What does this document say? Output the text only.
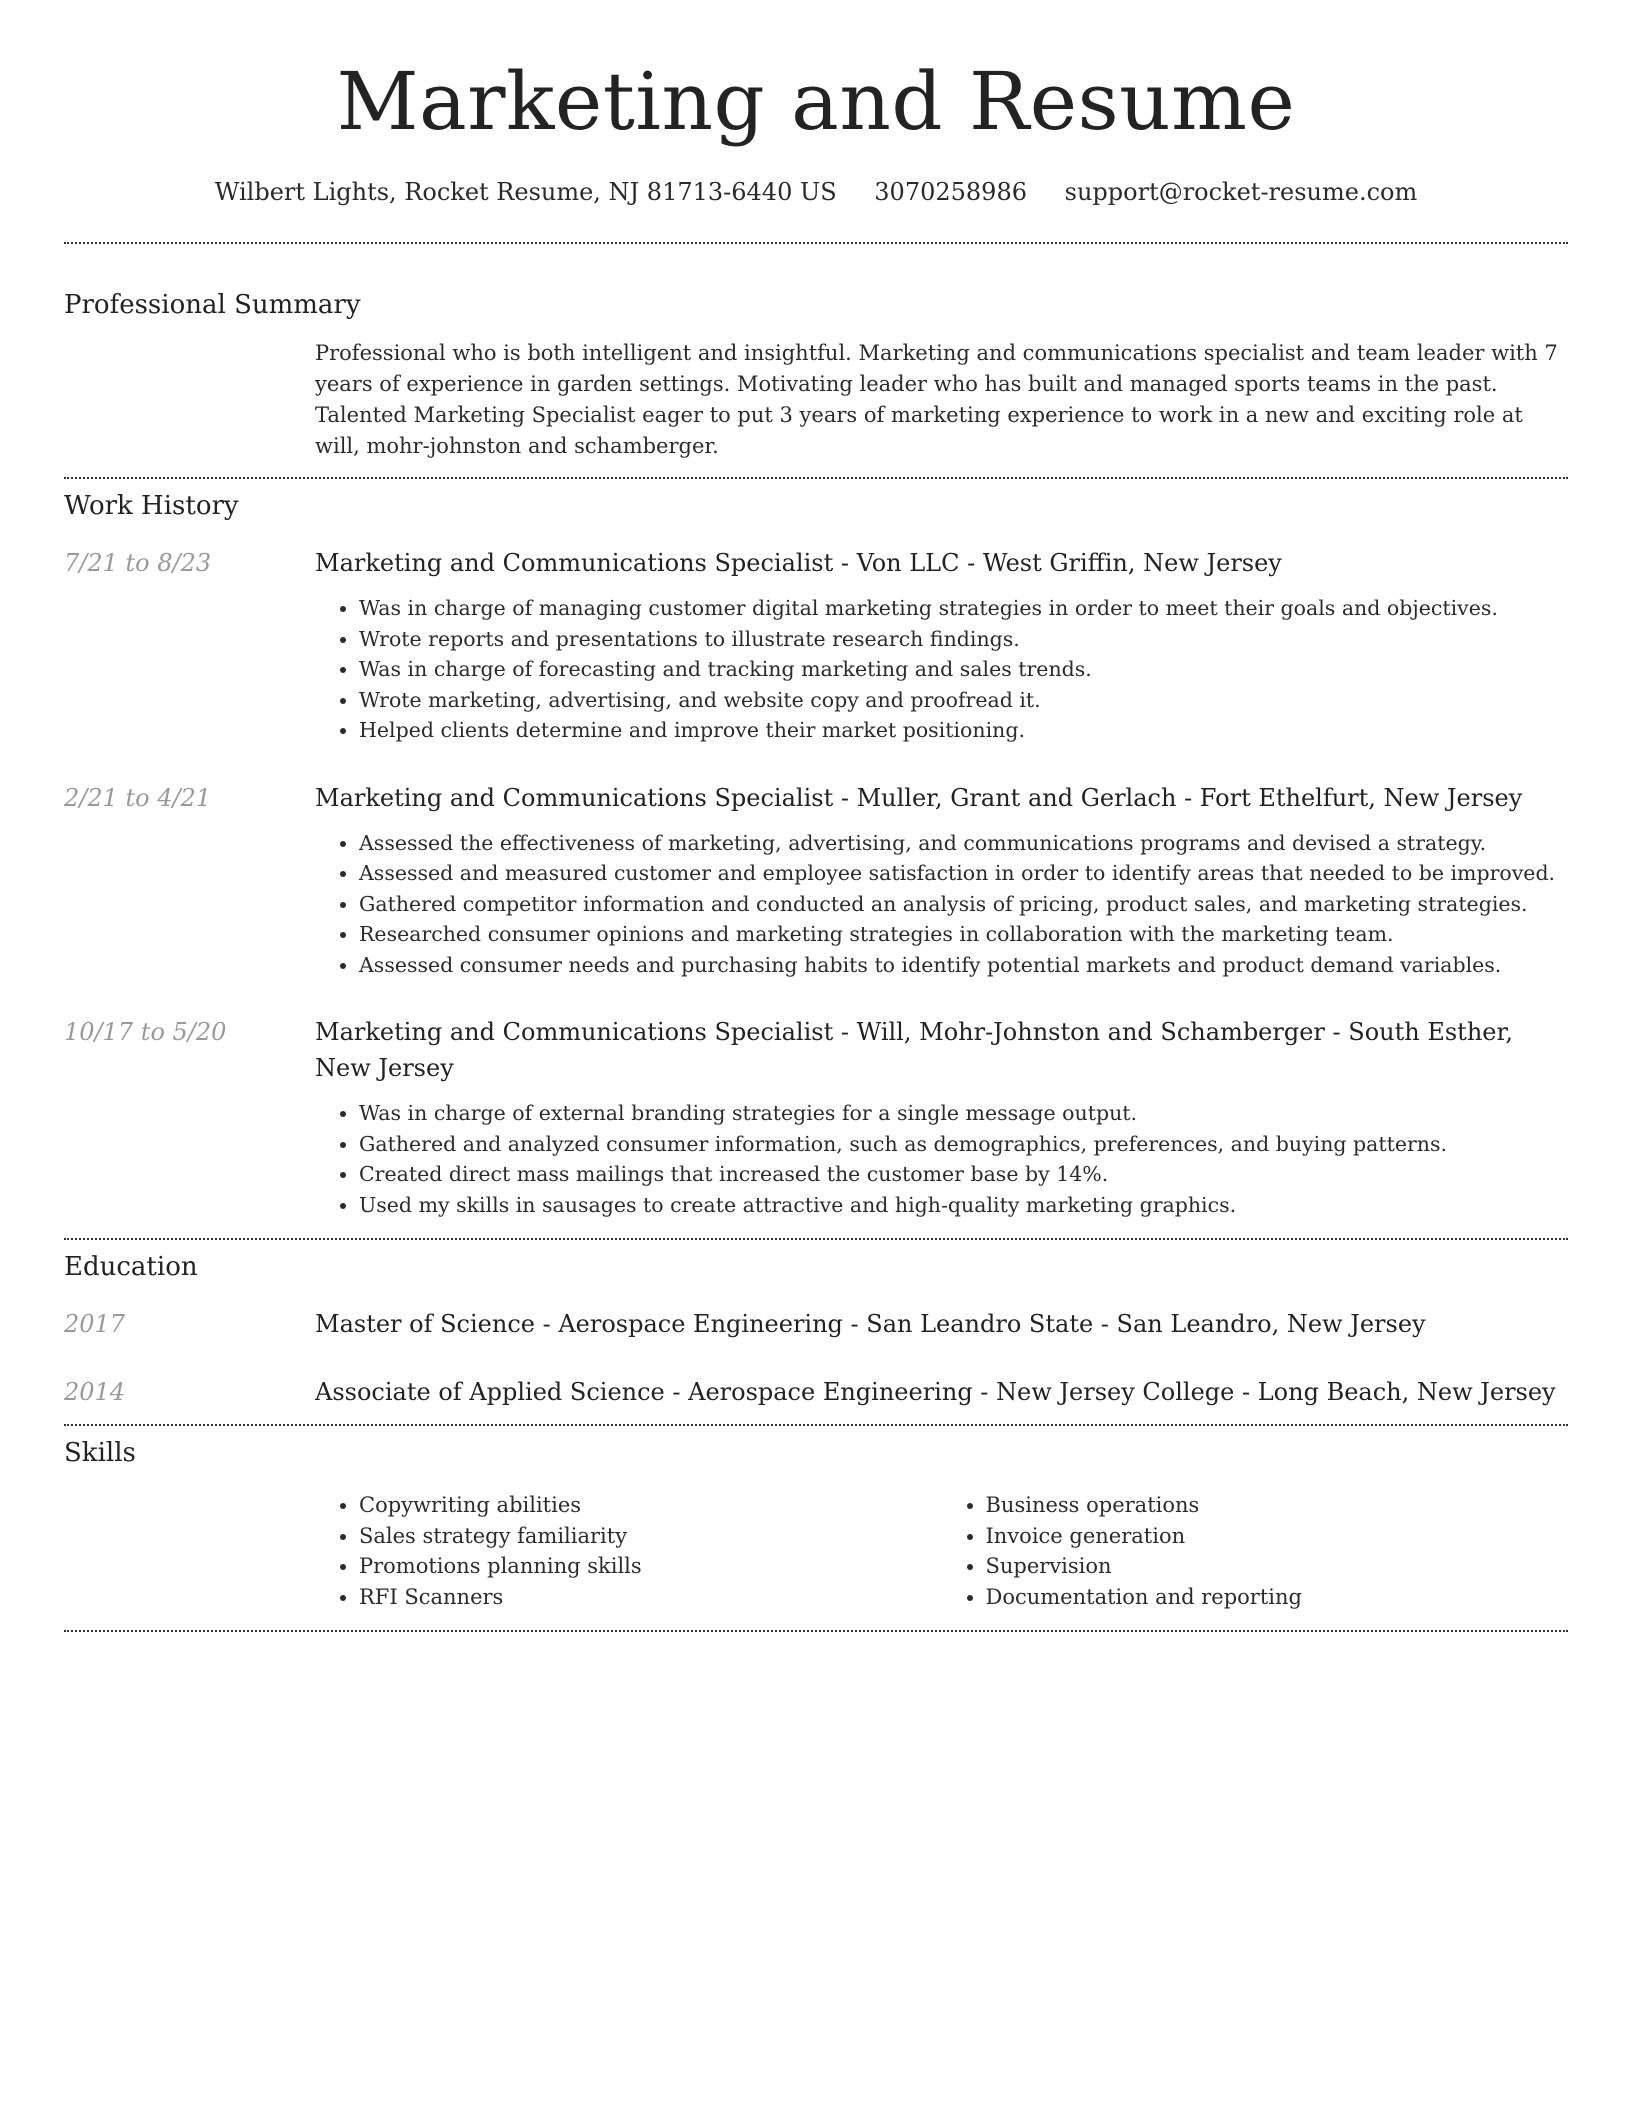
Marketing and Resume
Wilbert Lights, Rocket Resume, NJ 81713-6440 US 3070258986 support@rocket-resume.com
Professional Summary
Professional who is both intelligent and insightful. Marketing and communications specialist and team leader with 7 years of experience in garden settings. Motivating leader who has built and managed sports teams in the past. Talented Marketing Specialist eager to put 3 years of marketing experience to work in a new and exciting role at will, mohr-johnston and schamberger.
Work History
7/21 to 8/23	Marketing and Communications Specialist - Von LLC - West Griffin, New Jersey
• Was in charge of managing customer digital marketing strategies in order to meet their goals and objectives.
• Wrote reports and presentations to illustrate research findings.
• Was in charge of forecasting and tracking marketing and sales trends.
• Wrote marketing, advertising, and website copy and proofread it.
• Helped clients determine and improve their market positioning.
2/21 to 4/21	Marketing and Communications Specialist - Muller, Grant and Gerlach - Fort Ethelfurt, New Jersey
• Assessed the effectiveness of marketing, advertising, and communications programs and devised a strategy.
• Assessed and measured customer and employee satisfaction in order to identify areas that needed to be improved.
• Gathered competitor information and conducted an analysis of pricing, product sales, and marketing strategies.
• Researched consumer opinions and marketing strategies in collaboration with the marketing team.
• Assessed consumer needs and purchasing habits to identify potential markets and product demand variables.
10/17 to 5/20	Marketing and Communications Specialist - Will, Mohr-Johnston and Schamberger - South Esther, New Jersey
• Was in charge of external branding strategies for a single message output.
• Gathered and analyzed consumer information, such as demographics, preferences, and buying patterns.
• Created direct mass mailings that increased the customer base by 14%.
• Used my skills in sausages to create attractive and high-quality marketing graphics.
Education
2017	Master of Science - Aerospace Engineering - San Leandro State - San Leandro, New Jersey
2014	Associate of Applied Science - Aerospace Engineering - New Jersey College - Long Beach, New Jersey
Skills
• Copywriting abilities
• Sales strategy familiarity
• Promotions planning skills
• RFI Scanners
• Business operations
• Invoice generation
• Supervision
• Documentation and reporting
